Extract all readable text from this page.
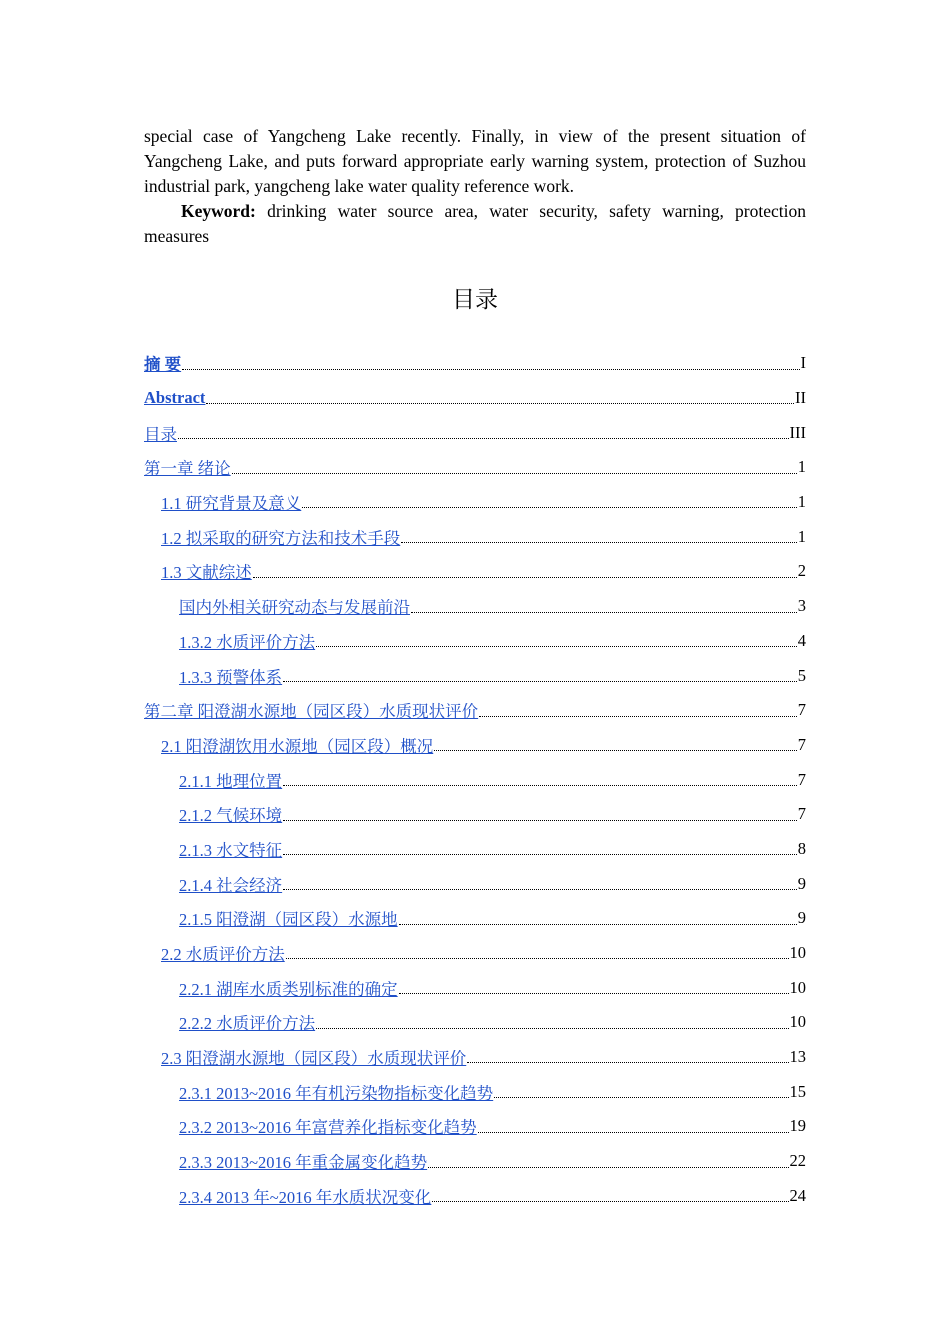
special case of Yangcheng Lake recently. Finally, in view of the present situation of Yangcheng Lake, and puts forward appropriate early warning system, protection of Suzhou industrial park, yangcheng lake water quality reference work.

Keyword: drinking water source area, water security, safety warning, protection measures

目录
摘 要	I
Abstract	II
目录	III
第一章 绪论	1
1.1 研究背景及意义	1
1.2 拟采取的研究方法和技术手段	1
1.3 文献综述	2
国内外相关研究动态与发展前沿	3
1.3.2 水质评价方法	4
1.3.3 预警体系	5
第二章 阳澄湖水源地（园区段）水质现状评价	7
2.1 阳澄湖饮用水源地（园区段）概况	7
2.1.1 地理位置	7
2.1.2 气候环境	7
2.1.3 水文特征	8
2.1.4 社会经济	9
2.1.5 阳澄湖（园区段）水源地	9
2.2 水质评价方法	10
2.2.1 湖库水质类别标准的确定	10
2.2.2 水质评价方法	10
2.3 阳澄湖水源地（园区段）水质现状评价	13
2.3.1 2013~2016 年有机污染物指标变化趋势	15
2.3.2 2013~2016 年富营养化指标变化趋势	19
2.3.3 2013~2016 年重金属变化趋势	22
2.3.4 2013 年~2016 年水质状况变化	24
